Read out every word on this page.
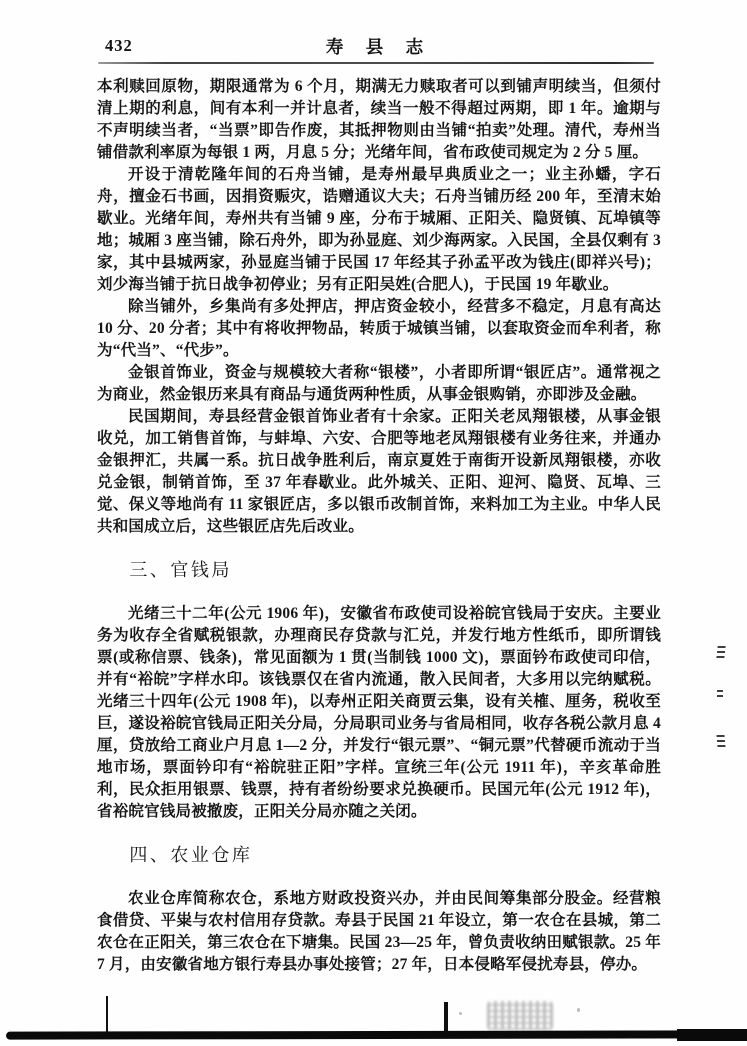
432	寿 县 志

本利赎回原物，期限通常为 6 个月，期满无力赎取者可以到铺声明续当，但须付清上期的利息，间有本利一并计息者，续当一般不得超过两期，即 1 年。逾期与不声明续当者，“当票”即告作废，其抵押物则由当铺“拍卖”处理。清代，寿州当铺借款利率原为每银 1 两，月息 5 分；光绪年间，省布政使司规定为 2 分 5 厘。

开设于清乾隆年间的石舟当铺，是寿州最早典质业之一；业主孙蟠，字石舟，擅金石书画，因捐资赈灾，诰赠通议大夫；石舟当铺历经 200 年，至清末始歇业。光绪年间，寿州共有当铺 9 座，分布于城厢、正阳关、隐贤镇、瓦埠镇等地；城厢 3 座当铺，除石舟外，即为孙显庭、刘少海两家。入民国，全县仅剩有 3 家，其中县城两家，孙显庭当铺于民国 17 年经其子孙孟平改为钱庄(即祥兴号)；刘少海当铺于抗日战争初停业；另有正阳吴姓(合肥人)，于民国 19 年歇业。

除当铺外，乡集尚有多处押店，押店资金较小，经营多不稳定，月息有高达 10 分、20 分者；其中有将收押物品，转质于城镇当铺，以套取资金而牟利者，称为“代当”、“代步”。

金银首饰业，资金与规模较大者称“银楼”，小者即所谓“银匠店”。通常视之为商业，然金银历来具有商品与通货两种性质，从事金银购销，亦即涉及金融。

民国期间，寿县经营金银首饰业者有十余家。正阳关老凤翔银楼，从事金银收兑，加工销售首饰，与蚌埠、六安、合肥等地老凤翔银楼有业务往来，并通办金银押汇，共属一系。抗日战争胜利后，南京夏姓于南街开设新凤翔银楼，亦收兑金银，制销首饰，至 37 年春歇业。此外城关、正阳、迎河、隐贤、瓦埠、三觉、保义等地尚有 11 家银匠店，多以银币改制首饰，来料加工为主业。中华人民共和国成立后，这些银匠店先后改业。

三、官钱局

光绪三十二年(公元 1906 年)，安徽省布政使司设裕皖官钱局于安庆。主要业务为收存全省赋税银款，办理商民存贷款与汇兑，并发行地方性纸币，即所谓钱票(或称信票、钱条)，常见面额为 1 贯(当制钱 1000 文)，票面钤布政使司印信，并有“裕皖”字样水印。该钱票仅在省内流通，散入民间者，大多用以完纳赋税。光绪三十四年(公元 1908 年)，以寿州正阳关商贾云集，设有关榷、厘务，税收至巨，遂设裕皖官钱局正阳关分局，分局职司业务与省局相同，收存各税公款月息 4 厘，贷放给工商业户月息 1—2 分，并发行“银元票”、“铜元票”代替硬币流动于当地市场，票面钤印有“裕皖驻正阳”字样。宣统三年(公元 1911 年)，辛亥革命胜利，民众拒用银票、钱票，持有者纷纷要求兑换硬币。民国元年(公元 1912 年)，省裕皖官钱局被撤废，正阳关分局亦随之关闭。

四、农业仓库

农业仓库简称农仓，系地方财政投资兴办，并由民间筹集部分股金。经营粮食借贷、平粜与农村信用存贷款。寿县于民国 21 年设立，第一农仓在县城，第二农仓在正阳关，第三农仓在下塘集。民国 23—25 年，曾负责收纳田赋银款。25 年 7 月，由安徽省地方银行寿县办事处接管；27 年，日本侵略军侵扰寿县，停办。
